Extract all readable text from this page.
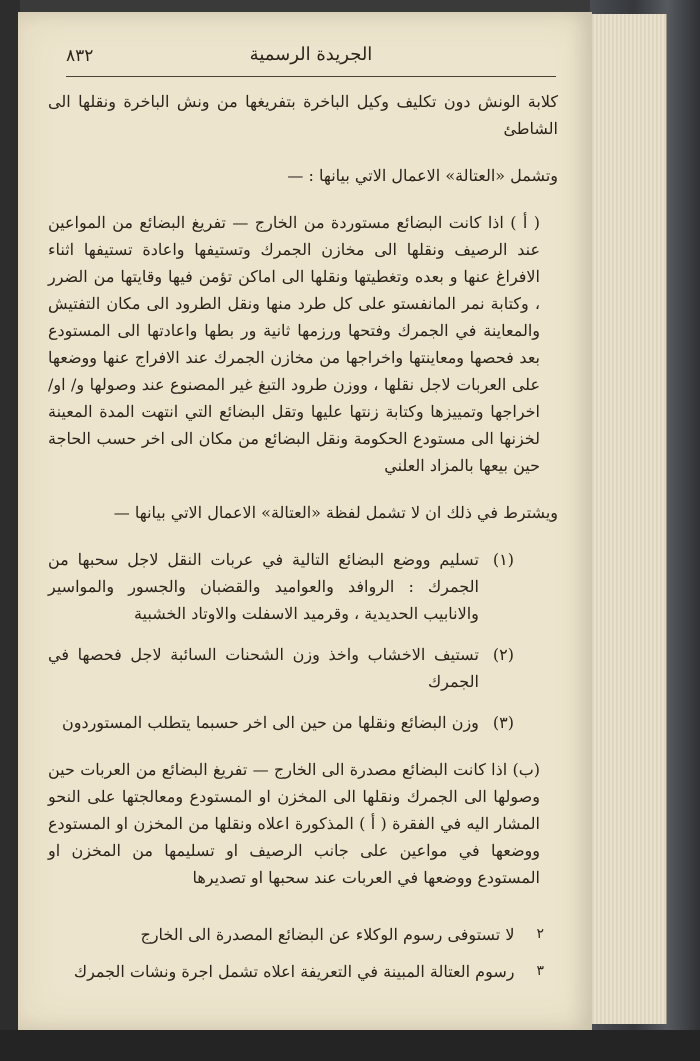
الجريدة الرسمية
٨٣٢

كلابة الونش دون تكليف وكيل الباخرة بتفريغها من ونش الباخرة ونقلها الى الشاطئ

وتشمل «العتالة» الاعمال الاتي بيانها : —

( أ ) اذا كانت البضائع مستوردة من الخارج — تفريغ البضائع من المواعين عند الرصيف ونقلها الى مخازن الجمرك وتستيفها واعادة تستيفها اثناء الافراغ عنها و بعده وتغطيتها ونقلها الى اماكن تؤمن فيها وقايتها من الضرر ، وكتابة نمر المانفستو على كل طرد منها ونقل الطرود الى مكان التفتيش والمعاينة في الجمرك وفتحها ورزمها ثانية ور بطها واعادتها الى المستودع بعد فحصها ومعاينتها واخراجها من مخازن الجمرك عند الافراج عنها ووضعها على العربات لاجل نقلها ، ووزن طرود التبغ غير المصنوع عند وصولها و/ او/ اخراجها وتمييزها وكتابة زنتها عليها وتقل البضائع التي انتهت المدة المعينة لخزنها الى مستودع الحكومة ونقل البضائع من مكان الى اخر حسب الحاجة حين بيعها بالمزاد العلني

ويشترط في ذلك ان لا تشمل لفظة «العتالة» الاعمال الاتي بيانها —

(١)
تسليم ووضع البضائع التالية في عربات النقل لاجل سحبها من الجمرك : الروافد والعواميد والقضبان والجسور والمواسير والانابيب الحديدية ، وقرميد الاسفلت والاوتاد الخشبية
(٢)
تستيف الاخشاب واخذ وزن الشحنات السائبة لاجل فحصها في الجمرك
(٣)
وزن البضائع ونقلها من حين الى اخر حسبما يتطلب المستوردون

(ب) اذا كانت البضائع مصدرة الى الخارج — تفريغ البضائع من العربات حين وصولها الى الجمرك ونقلها الى المخزن او المستودع ومعالجتها على النحو المشار اليه في الفقرة ( أ ) المذكورة اعلاه ونقلها من المخزن او المستودع ووضعها في مواعين على جانب الرصيف او تسليمها من المخزن او المستودع ووضعها في العربات عند سحبها او تصديرها

٢
لا تستوفى رسوم الوكلاء عن البضائع المصدرة الى الخارج
٣
رسوم العتالة المبينة في التعريفة اعلاه تشمل اجرة ونشات الجمرك
